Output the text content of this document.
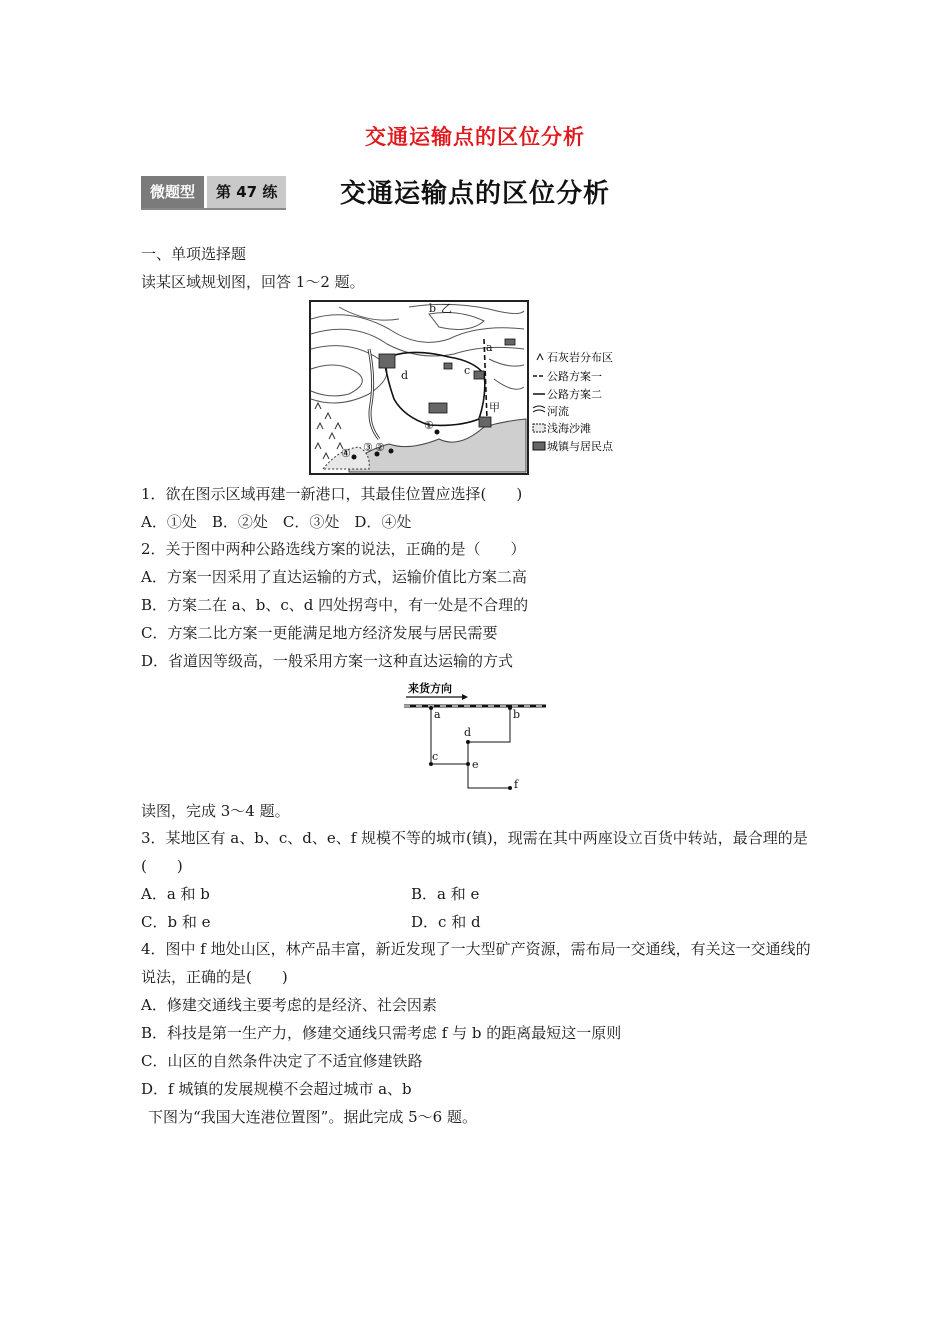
交通运输点的区位分析
微题型	第 47 练	交通运输点的区位分析
一、单项选择题
读某区域规划图，回答 1～2 题。
b 乙
a
c
d
甲
①
②
③
④
石灰岩分布区
公路方案一
公路方案二
河流
浅海沙滩
城镇与居民点
1．欲在图示区域再建一新港口，其最佳位置应选择(　　)
A．①处　B．②处　C．③处　D．④处
2．关于图中两种公路选线方案的说法，正确的是（　　）
A．方案一因采用了直达运输的方式，运输价值比方案二高
B．方案二在 a、b、c、d 四处拐弯中，有一处是不合理的
C．方案二比方案一更能满足地方经济发展与居民需要
D．省道因等级高，一般采用方案一这种直达运输的方式
来货方向
a	b
d
c
e
f
读图，完成 3～4 题。
3．某地区有 a、b、c、d、e、f 规模不等的城市(镇)，现需在其中两座设立百货中转站，最合理的是(　　)
A．a 和 b	B．a 和 e
C．b 和 e	D．c 和 d
4．图中 f 地处山区，林产品丰富，新近发现了一大型矿产资源，需布局一交通线，有关这一交通线的说法，正确的是(　　)
A．修建交通线主要考虑的是经济、社会因素
B．科技是第一生产力，修建交通线只需考虑 f 与 b 的距离最短这一原则
C．山区的自然条件决定了不适宜修建铁路
D．f 城镇的发展规模不会超过城市 a、b
下图为“我国大连港位置图”。据此完成 5～6 题。
